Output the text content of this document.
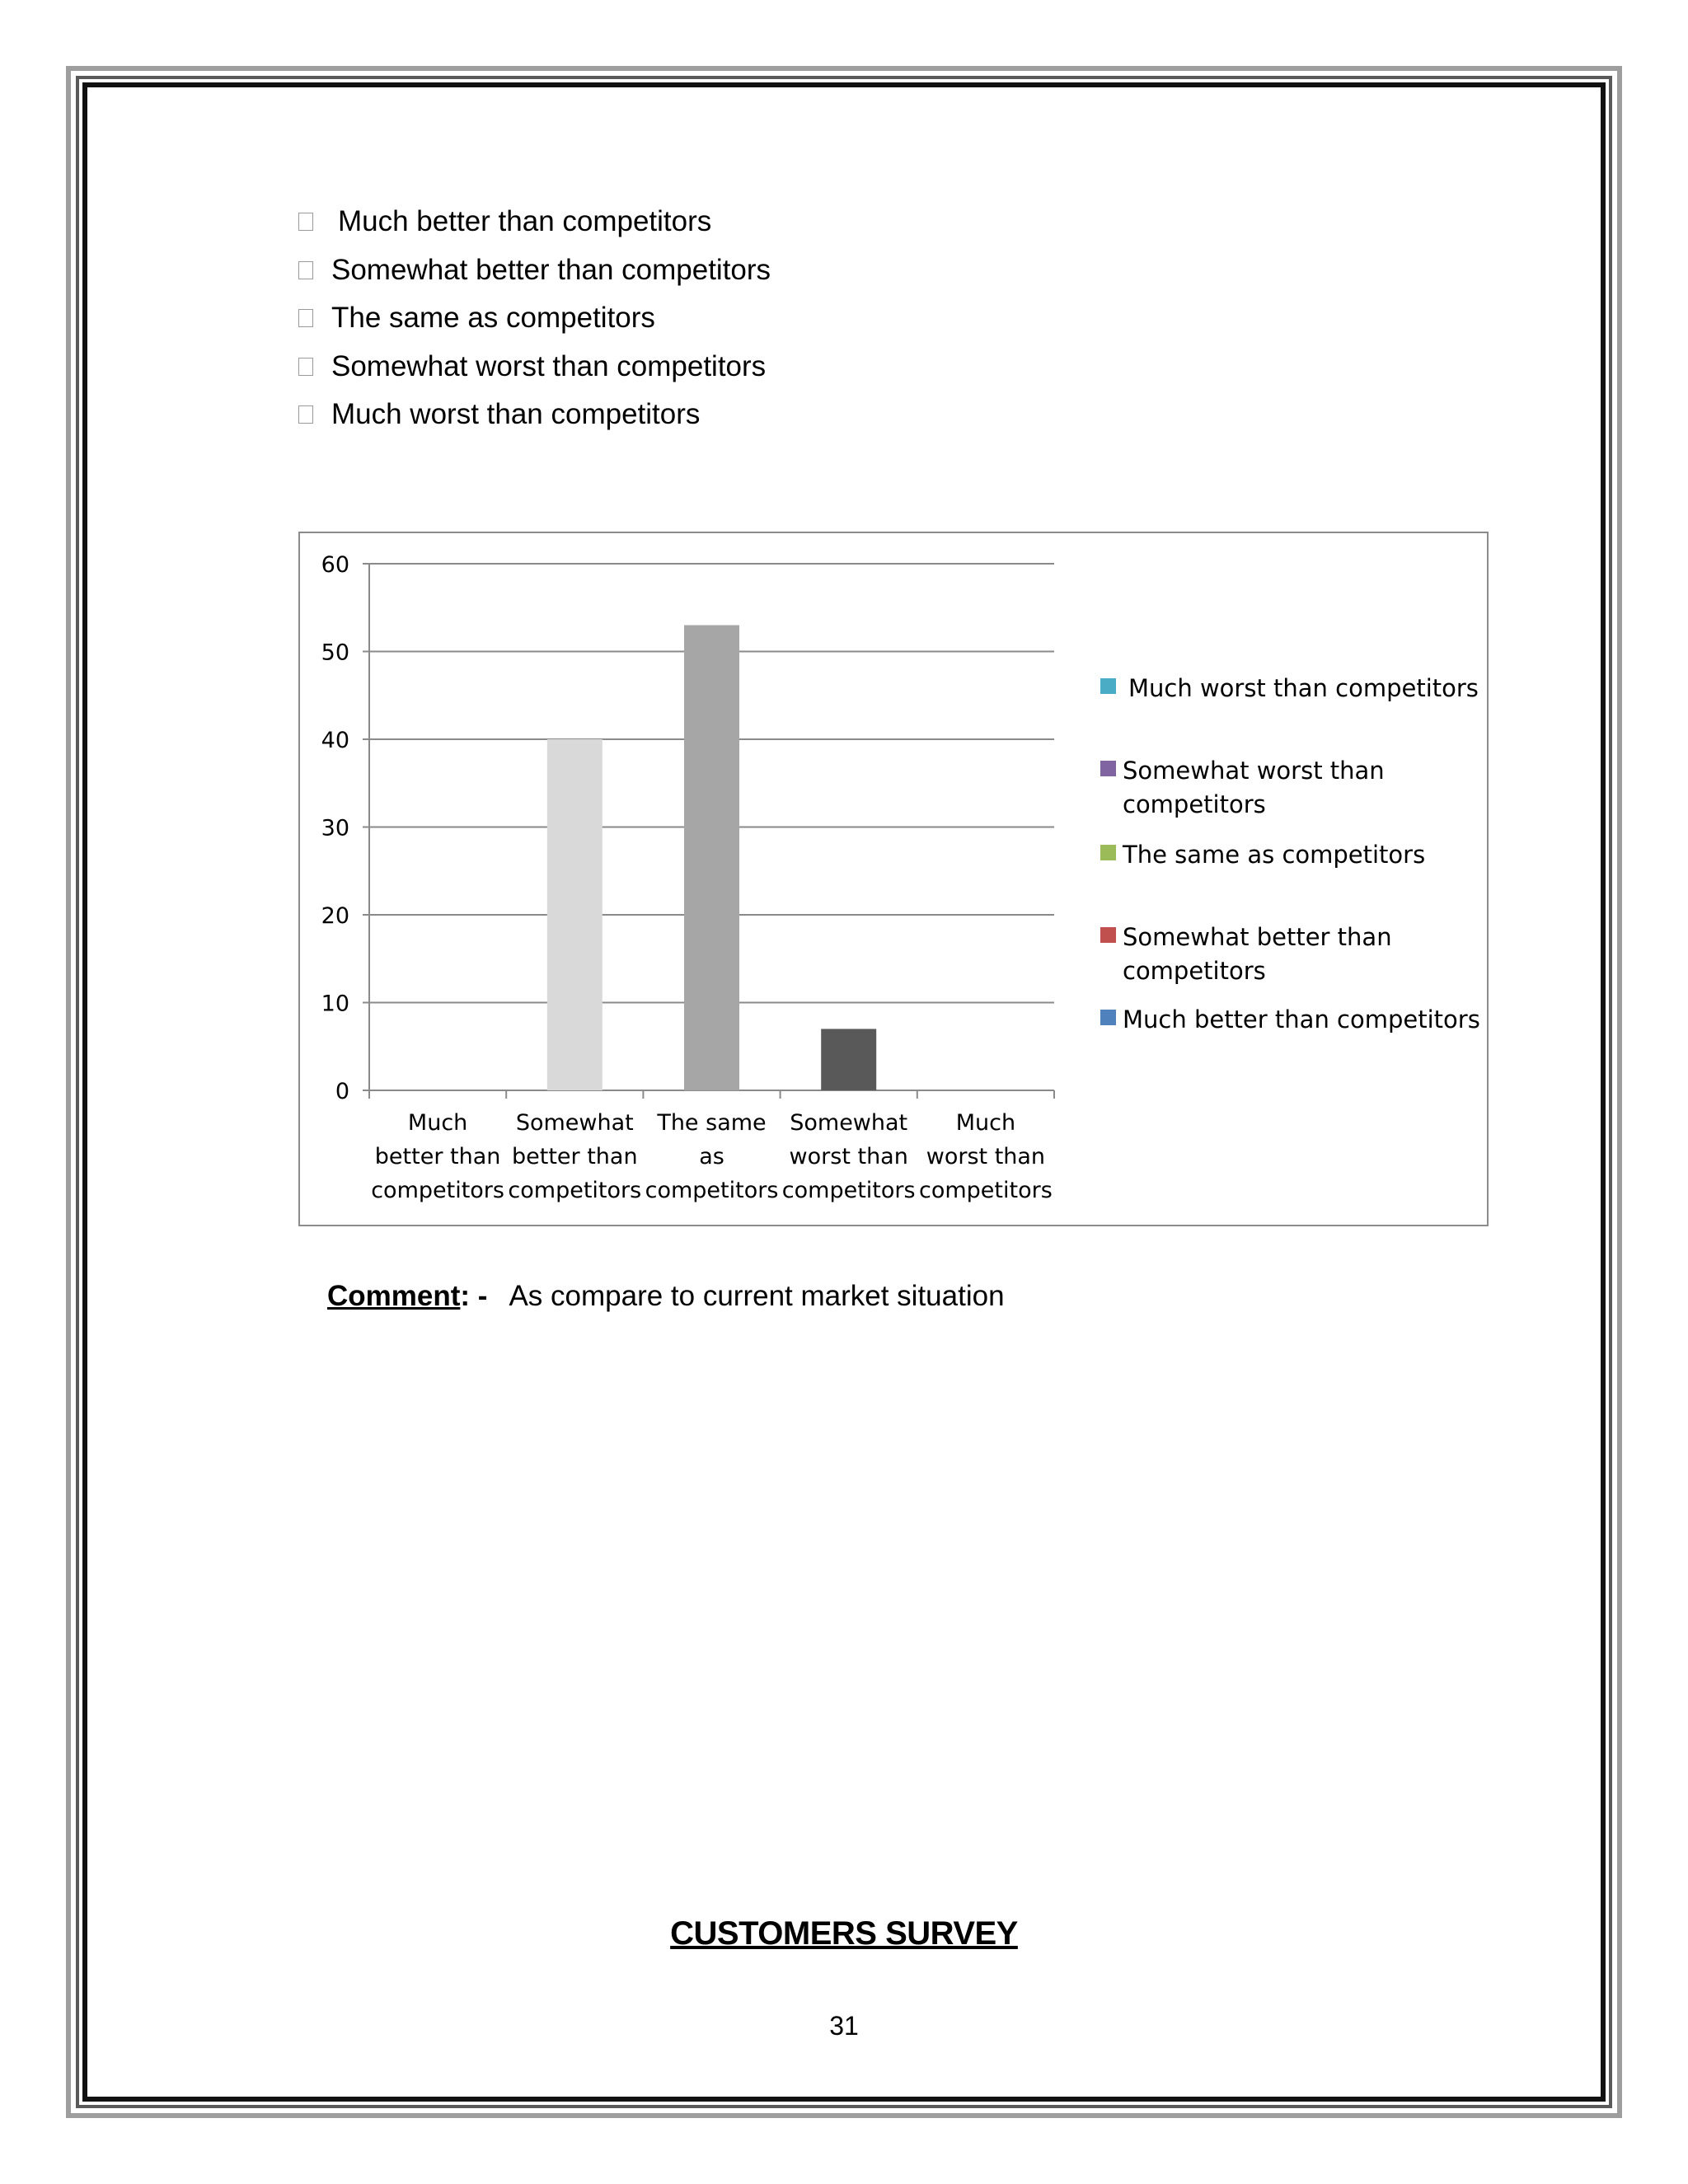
Much better than competitors
Somewhat better than competitors
The same as competitors
Somewhat worst than competitors
Much worst than competitors
0
10
20
30
40
50
60
Much better than competitors
Somewhat better than competitors
The same as competitors
Somewhat worst than competitors
Much worst than competitors
Much worst than competitors
Somewhat worst than competitors
The same as competitors
Somewhat better than competitors
Much better than competitors
Comment: - As compare to current market situation
CUSTOMERS SURVEY
31
